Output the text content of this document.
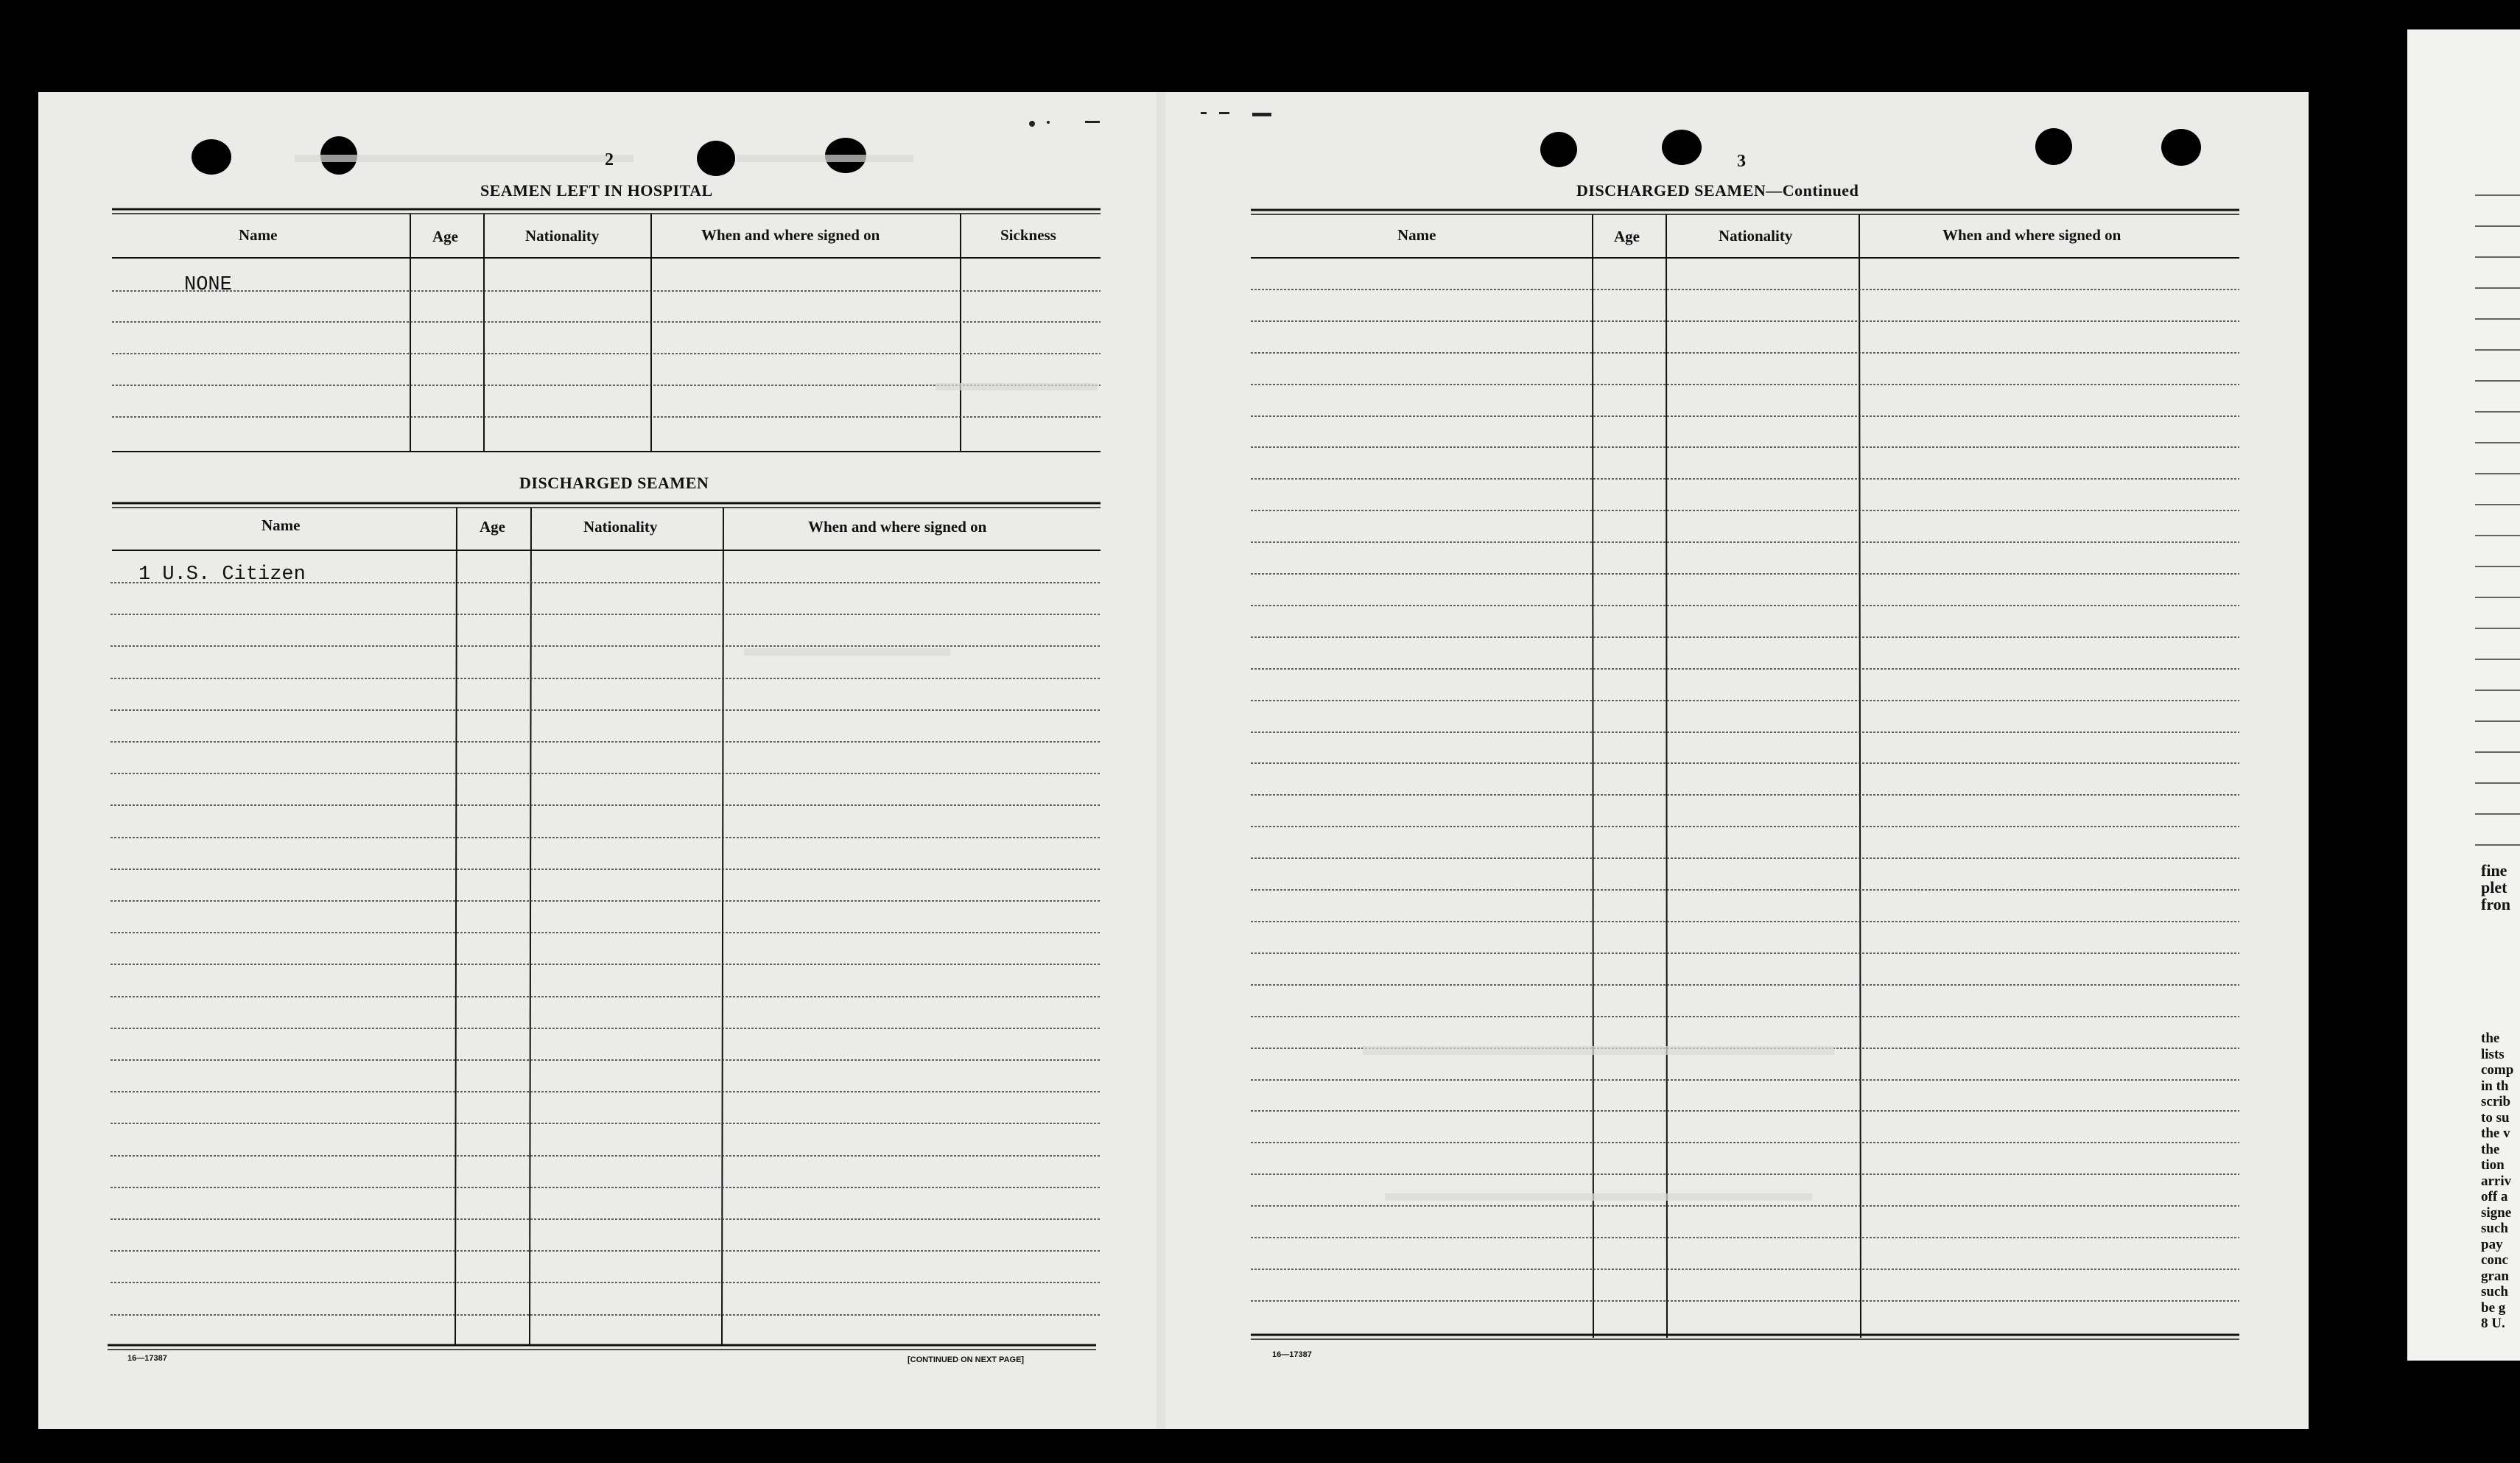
2
SEAMEN LEFT IN HOSPITAL
Name	Age	Nationality	When and where signed on	Sickness
NONE
DISCHARGED SEAMEN
Name	Age	Nationality	When and where signed on
1 U.S. Citizen
16—17387	[CONTINUED ON NEXT PAGE]
3
DISCHARGED SEAMEN—Continued
Name	Age	Nationality	When and where signed on
16—17387
fine
plet
fron
the
lists
comp
in th
scrib
to su
the v
the
tion
arriv
off a
signe
such
pay
conc
gran
such
be g
8 U.
